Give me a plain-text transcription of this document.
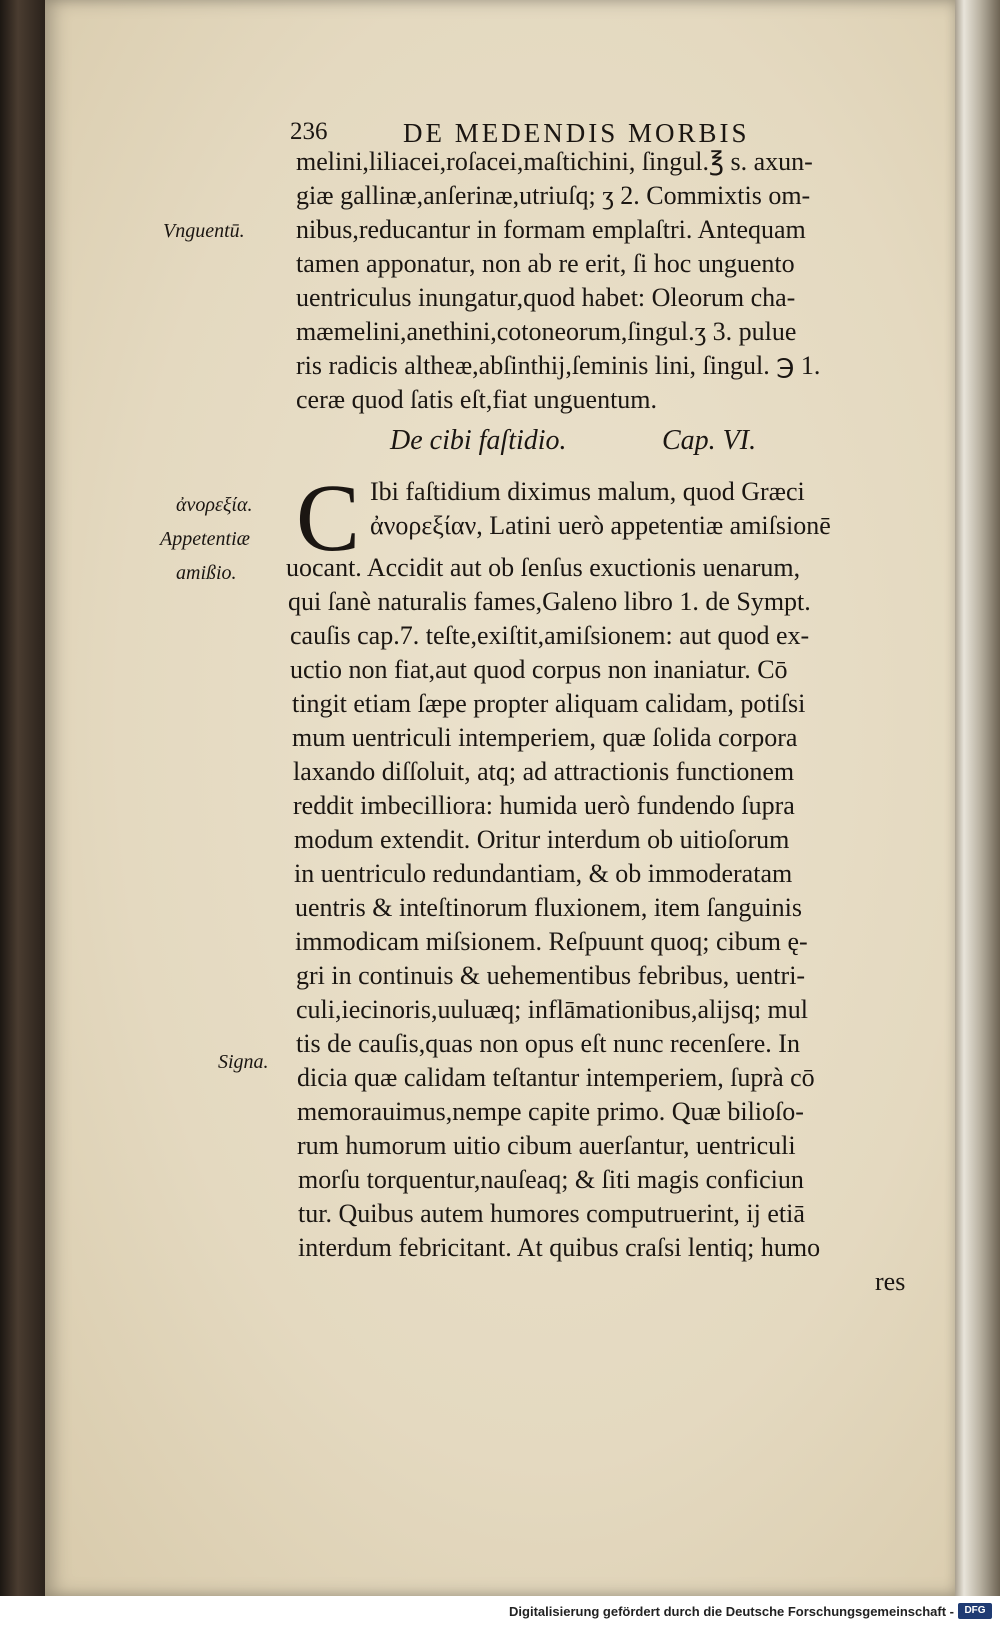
236	DE MEDENDIS MORBIS
melini,liliacei,roſacei,maſtichini, ſingul.℥ s. axun-
giæ gallinæ,anſerinæ,utriuſq; ʒ 2. Commixtis om-
nibus,reducantur in formam emplaſtri. Antequam
tamen apponatur, non ab re erit, ſi hoc unguento
uentriculus inungatur,quod habet: Oleorum cha-
mæmelini,anethini,cotoneorum,ſingul.ʒ 3. pulue
ris radicis altheæ,abſinthij,ſeminis lini, ſingul. ℈ 1.
ceræ quod ſatis eſt,fiat unguentum.
Vnguentū.
De cibi faſtidio.	Cap. VI.
C
ἀνορεξία.
Appetentiæ
amißio.
Signa.
Ibi faſtidium diximus malum, quod Græci
ἀνορεξίαν, Latini uerò appetentiæ amiſsionē
uocant. Accidit aut ob ſenſus exuctionis uenarum,
qui ſanè naturalis fames,Galeno libro 1. de Sympt.
cauſis cap.7. teſte,exiſtit,amiſsionem: aut quod ex-
uctio non fiat,aut quod corpus non inaniatur. Cō
tingit etiam ſæpe propter aliquam calidam, potiſsi
mum uentriculi intemperiem, quæ ſolida corpora
laxando diſſoluit, atq; ad attractionis functionem
reddit imbecilliora: humida uerò fundendo ſupra
modum extendit. Oritur interdum ob uitioſorum
in uentriculo redundantiam, & ob immoderatam
uentris & inteſtinorum fluxionem, item ſanguinis
immodicam miſsionem. Reſpuunt quoq; cibum ę-
gri in continuis & uehementibus febribus, uentri-
culi,iecinoris,uuluæq; inflāmationibus,alijsq; mul
tis de cauſis,quas non opus eſt nunc recenſere. In
dicia quæ calidam teſtantur intemperiem, ſuprà cō
memorauimus,nempe capite primo. Quæ bilioſo-
rum humorum uitio cibum auerſantur, uentriculi
morſu torquentur,nauſeaq; & ſiti magis conficiun
tur. Quibus autem humores computruerint, ij etiā
interdum febricitant. At quibus craſsi lentiq; humo
res
Digitalisierung gefördert durch die Deutsche Forschungsgemeinschaft -	DFG
